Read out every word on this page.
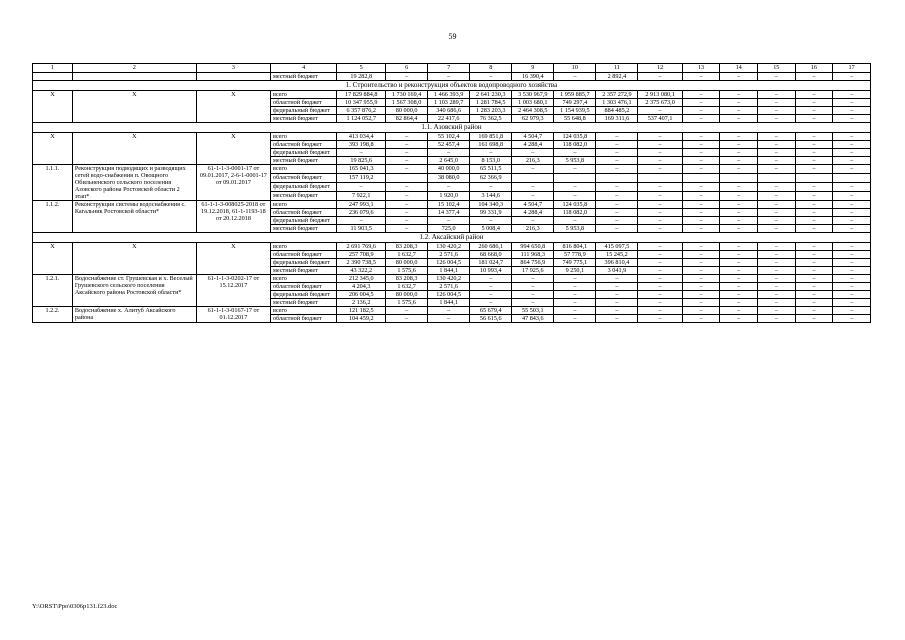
59
1	2	3	4	5	6	7	8	9	10	11	12	13	14	15	16	17
			местный бюджет	19 282,8	–	–	–	16 390,4	–	2 892,4	–	–	–	–	–	–
1. Строительство и реконструкция объектов водопроводного хозяйства																
X	X	X	всего	17 829 884,8	1 730 169,4	1 466 393,9	2 641 230,3	3 530 967,9	1 959 885,7	2 357 272,9	2 913 080,1	–	–	–	–	–
			областной бюджет	10 347 955,9	1 567 308,0	1 103 289,7	1 281 784,5	1 003 680,1	749 297,4	1 303 476,1	2 375 673,0	–	–	–	–	–
			федеральный бюджет	6 357 876,2	80 000,0	340 686,6	1 283 203,3	2 464 308,5	1 154 939,5	884 485,2	–	–	–	–	–	–
			местный бюджет	1 124 052,7	82 864,4	22 417,6	76 362,5	62 979,3	55 648,8	169 311,6	537 407,1	–	–	–	–	–
1.1. Азовский район																
X	X	X	всего	413 034,4	–	55 102,4	169 851,8	4 504,7	124 035,8	–	–	–	–	–	–	–
			областной бюджет	393 198,8	–	52 457,4	161 698,8	4 288,4	118 082,0	–	–	–	–	–	–	–
			федеральный бюджет	–	–	–	–	–	–	–	–	–	–	–	–	–
			местный бюджет	19 825,6	–	2 645,0	8 153,0	216,3	5 953,8	–	–	–	–	–	–	–
1.1.1.	Реконструкция подводящих и разводящих сетей водо-снабжения п. Овощного Обильненского сельского поселения Азовского района Ростовской области 2 этап*	61-1-1-3-0001-17 от 09.01.2017, 2-6-1-0001-17 от 09.01.2017	всего	165 041,3	–	40 000,0	65 511,5	–	–	–	–	–	–	–	–	–
			областной бюджет	157 119,2		38 080,0	62 366,9									
			федеральный бюджет	–	–	–	–	–	–	–	–	–	–	–	–	–
			местный бюджет	7 922,1	–	1 920,0	3 144,6	–	–	–	–	–	–	–	–	–
1.1.2.	Реконструкция системы водоснабжения с. Кагальник Ростовской области*	61-1-1-3-008025-2018 от 19.12.2018, 61-1-1193-18 от 20.12.2018	всего	247 993,1	–	15 102,4	104 340,3	4 504,7	124 035,8	–	–	–	–	–	–	–
			областной бюджет	236 079,6	–	14 377,4	99 331,9	4 288,4	118 082,0	–	–	–	–	–	–	–
			федеральный бюджет	–	–	–	–	–	–	–	–	–	–	–	–	–
			местный бюджет	11 903,5	–	725,0	5 008,4	216,3	5 953,8	–	–	–	–	–	–	–
1.2. Аксайский район																
X	X	X	всего	2 691 769,6	83 208,3	130 420,2	260 686,1	994 650,8	816 804,1	415 097,5	–	–	–	–	–	–
			областной бюджет	257 708,9	1 632,7	2 571,6	68 668,0	111 968,3	57 778,9	15 245,2	–	–	–	–	–	–
			федеральный бюджет	2 390 738,5	80 000,0	126 004,5	181 024,7	864 756,9	749 775,1	396 810,4	–	–	–	–	–	–
			местный бюджет	43 322,2	1 575,6	1 844,1	10 993,4	17 925,6	9 250,1	3 041,9	–	–	–	–	–	–
1.2.1.	Водоснабжение ст. Грушевская и х. Веселый Грушевского сельского поселения Аксайского района Ростовской области*	61-1-1-3-0202-17 от 15.12.2017	всего	212 345,0	83 208,3	130 420,2	–	–	–	–	–	–	–	–	–	–
			областной бюджет	4 204,3	1 632,7	2 571,6	–	–	–	–	–	–	–	–	–	–
			федеральный бюджет	206 004,5	80 000,0	126 004,5	–	–	–	–	–	–	–	–	–	–
			местный бюджет	2 136,2	1 575,6	1 844,1	–	–	–	–	–	–	–	–	–	–
1.2.2.	Водоснабжение х. Алитуб Аксайского района	61-1-1-3-0167-17 от 01.12.2017	всего	121 182,5	–	–	65 679,4	55 503,1	–	–	–	–	–	–	–	–
			областной бюджет	104 459,2	–	–	56 615,6	47 843,6	–	–	–	–	–	–	–	–
Y:\ORST\Ppo\0306p131.f23.doc
